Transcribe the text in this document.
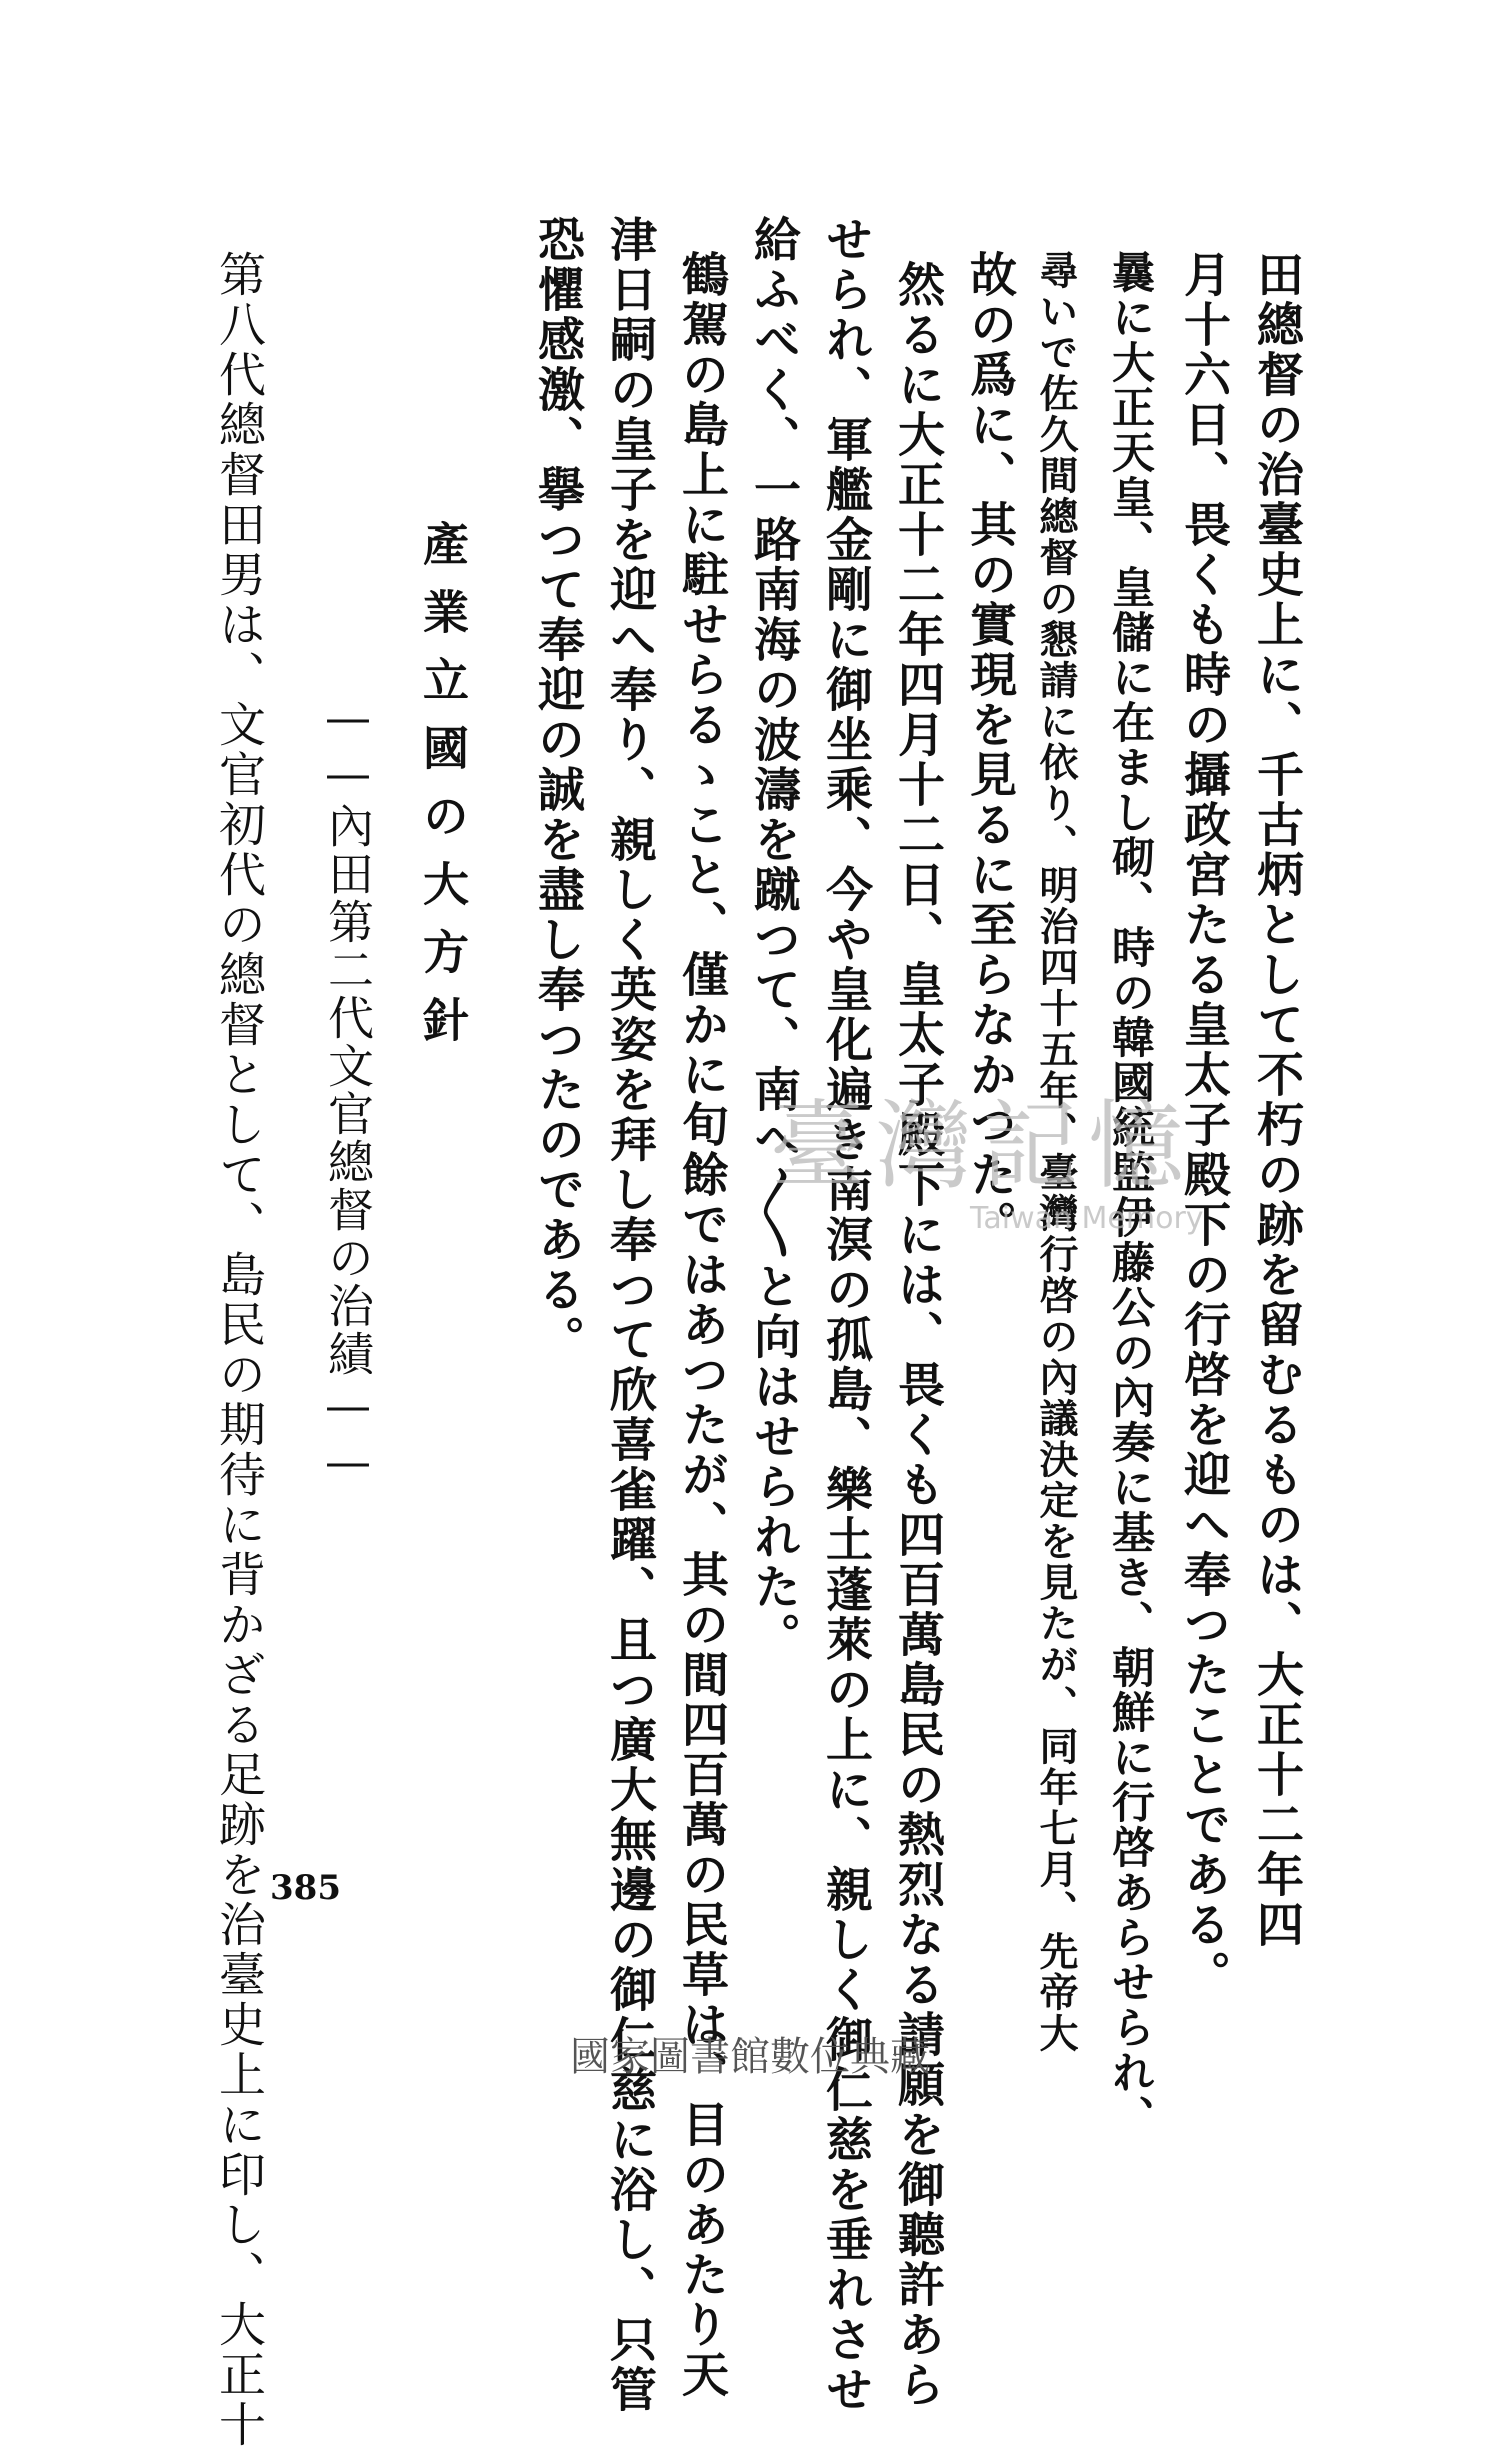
田總督の治臺史上に、千古炳として不朽の跡を留むるものは、大正十二年四
月十六日、畏くも時の攝政宮たる皇太子殿下の行啓を迎へ奉つたことである。
曩に大正天皇、皇儲に在まし砌、時の韓國統監伊藤公の內奏に基き、朝鮮に行啓あらせられ、
尋いで佐久間總督の懇請に依り、明治四十五年、臺灣行啓の內議決定を見たが、同年七月、先帝大
故の爲に、其の實現を見るに至らなかつた。
然るに大正十二年四月十二日、皇太子殿下には、畏くも四百萬島民の熱烈なる請願を御聽許あら
せられ、軍艦金剛に御坐乘、今や皇化遍き南溟の孤島、樂土蓬萊の上に、親しく御仁慈を垂れさせ
給ふべく、一路南海の波濤を蹴つて、南へ〳〵と向はせられた。
鶴駕の島上に駐せらるゝこと、僅かに旬餘ではあつたが、其の間四百萬の民草は、目のあたり天
津日嗣の皇子を迎へ奉り、親しく英姿を拜し奉つて欣喜雀躍、且つ廣大無邊の御仁慈に浴し、只管
恐懼感激、擧つて奉迎の誠を盡し奉つたのである。
產業立國の大方針
——內田第二代文官總督の治績——
第八代總督田男は、文官初代の總督として、島民の期待に背かざる足跡を治臺史上に印し、大正十 385
臺灣記憶
Taiwan Memory
國家圖書館數位典藏
